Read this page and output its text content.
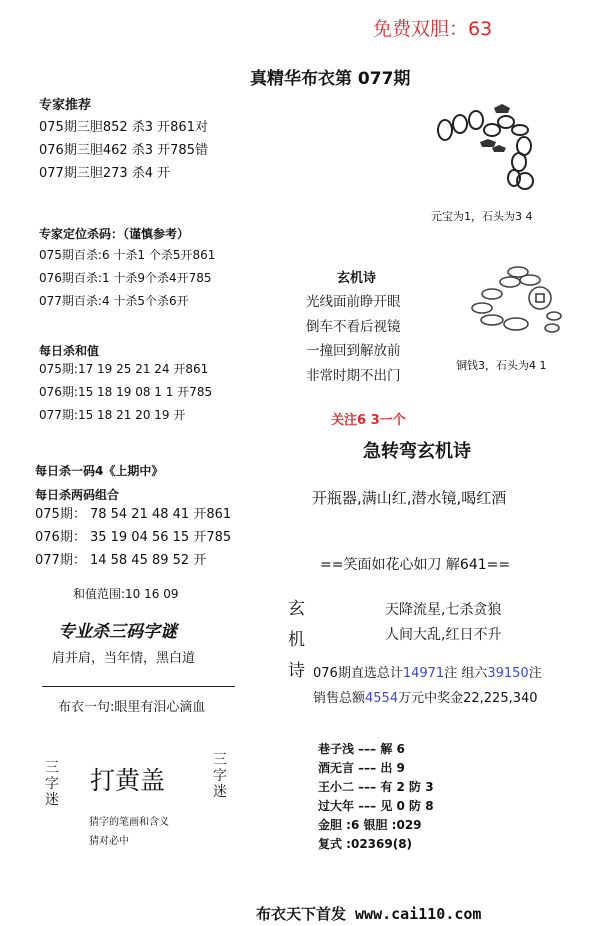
免费双胆：63
真精华布衣第 077期
专家推荐
075期三胆852 杀3 开861对
076期三胆462 杀3 开785错
077期三胆273 杀4 开
专家定位杀码：（谨慎参考）
075期百杀:6 十杀1 个杀5开861
076期百杀:1 十杀9个杀4开785
077期百杀:4 十杀5个杀6开
每日杀和值
075期:17 19 25 21 24 开861
076期:15 18 19 08 1 1 开785
077期:15 18 21 20 19 开
每日杀一码4《上期中》
每日杀两码组合
075期： 78 54 21 48 41 开861
076期： 35 19 04 56 15 开785
077期： 14 58 45 89 52 开
和值范围:10 16 09
专业杀三码字谜
肩并肩，当年情，黑白道
布衣一句:眼里有泪心滴血
三字迷
打黄盖
三字迷
猜字的笔画和含义
猜对必中
元宝为1，石头为3 4
玄机诗
光线面前睁开眼
倒车不看后视镜
一撞回到解放前
非常时期不出门
铜钱3，石头为4 1
关注6 3一个
急转弯玄机诗
开瓶器,满山红,潜水镜,喝红酒
==笑面如花心如刀 解641==
玄
机
诗
天降流星,七杀贪狼
人间大乱,红日不升
076期直选总计14971注 组六39150注
销售总额4554万元中奖金22,225,340
巷子浅 ––– 解 6
酒无言 ––– 出 9
王小二 ––– 有 2 防 3
过大年 ––– 见 0 防 8
金胆 :6 银胆 :029
复式 :02369(8)
布衣天下首发 www.cai110.com
